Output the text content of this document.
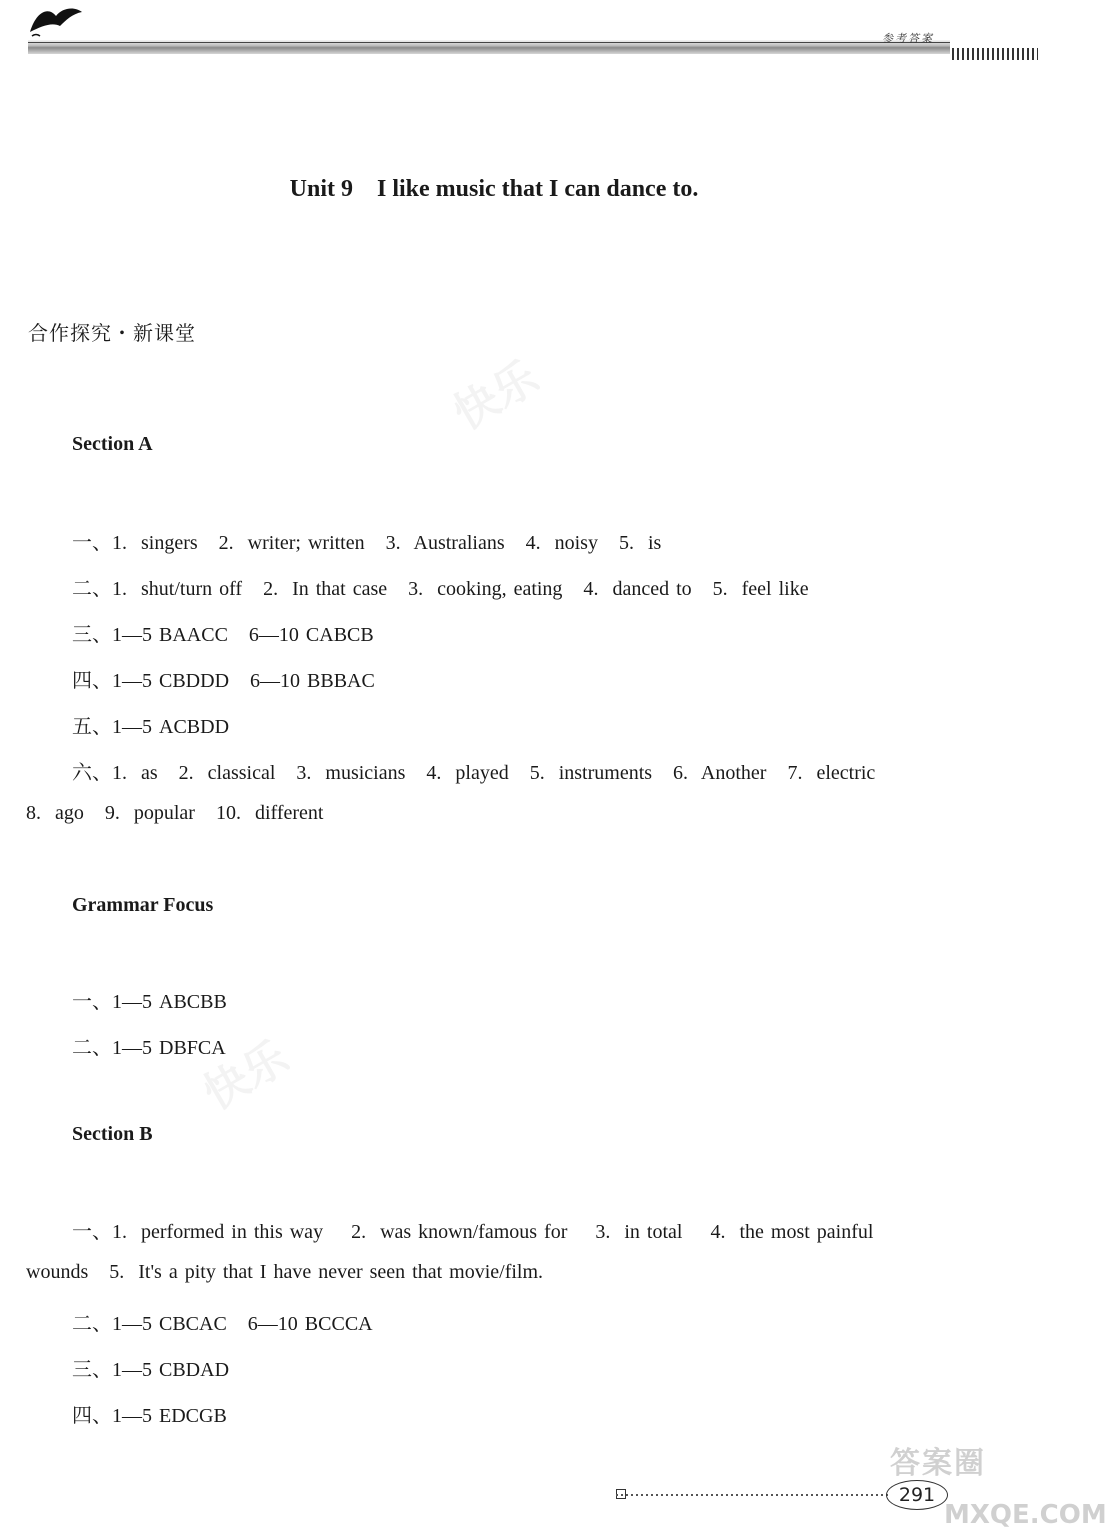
参考答案
Unit 9    I like music that I can dance to.
合作探究・新课堂
Section A
一、1.  singers   2.  writer; written   3.  Australians   4.  noisy   5.  is
二、1.  shut/turn off   2.  In that case   3.  cooking, eating   4.  danced to   5.  feel like
三、1—5 BAACC   6—10 CABCB
四、1—5 CBDDD   6—10 BBBAC
五、1—5 ACBDD
六、1.  as   2.  classical   3.  musicians   4.  played   5.  instruments   6.  Another   7.  electric
8.  ago   9.  popular   10.  different
Grammar Focus
一、1—5 ABCBB
二、1—5 DBFCA
Section B
一、1.  performed in this way    2.  was known/famous for    3.  in total    4.  the most painful
wounds   5.  It's a pity that I have never seen that movie/film.
二、1—5 CBCAC   6—10 BCCCA
三、1—5 CBDAD
四、1—5 EDCGB
快乐
快乐
291
答案圈
MXQE.COM
